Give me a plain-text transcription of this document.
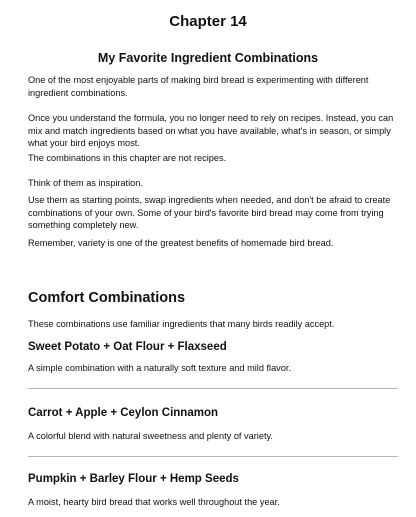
Chapter 14
My Favorite Ingredient Combinations

One of the most enjoyable parts of making bird bread is experimenting with different ingredient combinations.

Once you understand the formula, you no longer need to rely on recipes. Instead, you can mix and match ingredients based on what you have available, what's in season, or simply what your bird enjoys most.

The combinations in this chapter are not recipes.

Think of them as inspiration.

Use them as starting points, swap ingredients when needed, and don't be afraid to create combinations of your own. Some of your bird's favorite bird bread may come from trying something completely new.

Remember, variety is one of the greatest benefits of homemade bird bread.

Comfort Combinations

These combinations use familiar ingredients that many birds readily accept.

Sweet Potato + Oat Flour + Flaxseed

A simple combination with a naturally soft texture and mild flavor.

Carrot + Apple + Ceylon Cinnamon

A colorful blend with natural sweetness and plenty of variety.

Pumpkin + Barley Flour + Hemp Seeds

A moist, hearty bird bread that works well throughout the year.
